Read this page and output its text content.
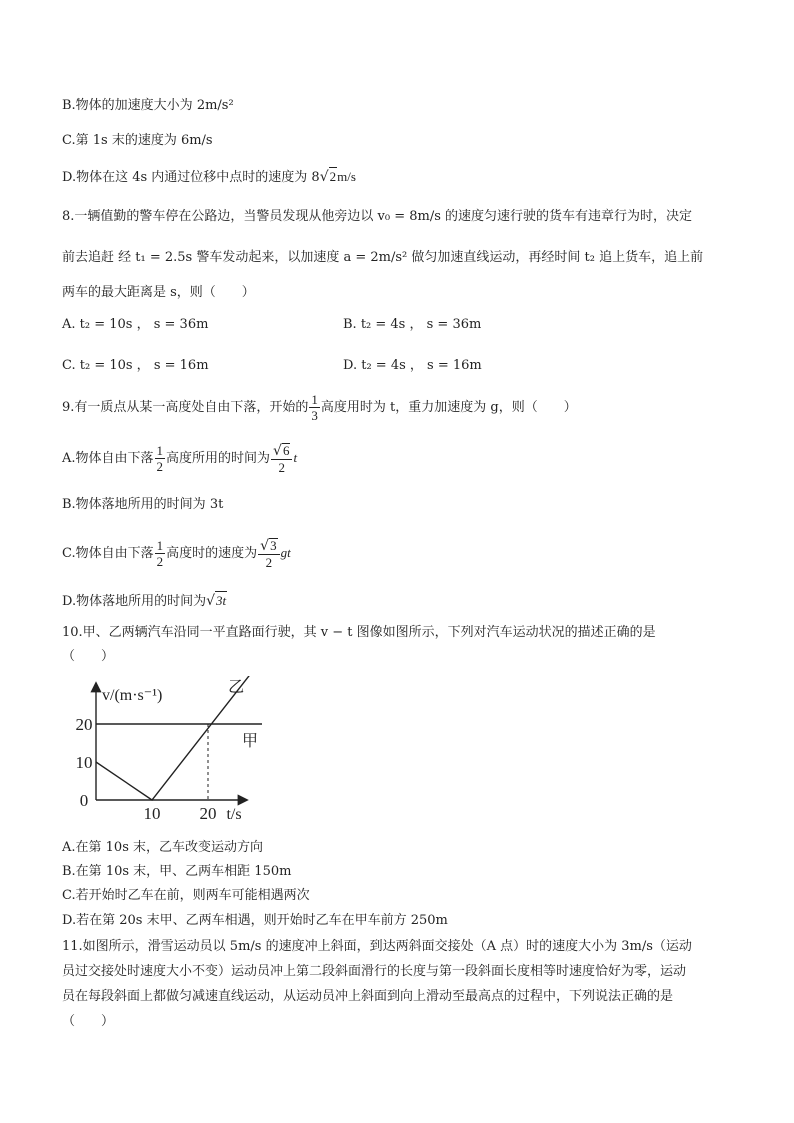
B.物体的加速度大小为 2m/s²
C.第 1s 末的速度为 6m/s
D.物体在这 4s 内通过位移中点时的速度为 8√2m/s
8.一辆值勤的警车停在公路边，当警员发现从他旁边以 v₀ = 8m/s 的速度匀速行驶的货车有违章行为时，决定
前去追赶 经 t₁ = 2.5s 警车发动起来，以加速度 a = 2m/s² 做匀加速直线运动，再经时间 t₂ 追上货车，追上前
两车的最大距离是 s，则（　　）
A. t₂ = 10s ， s = 36m	B. t₂ = 4s ， s = 36m
C. t₂ = 10s ， s = 16m	D. t₂ = 4s ， s = 16m
9.有一质点从某一高度处自由下落，开始的 $\frac{1}{3}$ 高度用时为 t，重力加速度为 g，则（　　）
A.物体自由下落 $\frac{1}{2}$ 高度所用的时间为 $\frac{√6}{2}$ t
B.物体落地所用的时间为 3t
C.物体自由下落 $\frac{1}{2}$ 高度时的速度为 $\frac{√3}{2}$ gt
D.物体落地所用的时间为√3t
10.甲、乙两辆汽车沿同一平直路面行驶，其 v − t 图像如图所示，下列对汽车运动状况的描述正确的是
（　　）
0
10
20
10 20
v/(m·s⁻¹)
t/s
甲
乙
A.在第 10s 末，乙车改变运动方向
B.在第 10s 末，甲、乙两车相距 150m
C.若开始时乙车在前，则两车可能相遇两次
D.若在第 20s 末甲、乙两车相遇，则开始时乙车在甲车前方 250m
11.如图所示，滑雪运动员以 5m/s 的速度冲上斜面，到达两斜面交接处（A 点）时的速度大小为 3m/s（运动
员过交接处时速度大小不变）运动员冲上第二段斜面滑行的长度与第一段斜面长度相等时速度恰好为零，运动
员在每段斜面上都做匀减速直线运动，从运动员冲上斜面到向上滑动至最高点的过程中，下列说法正确的是
（　　）
